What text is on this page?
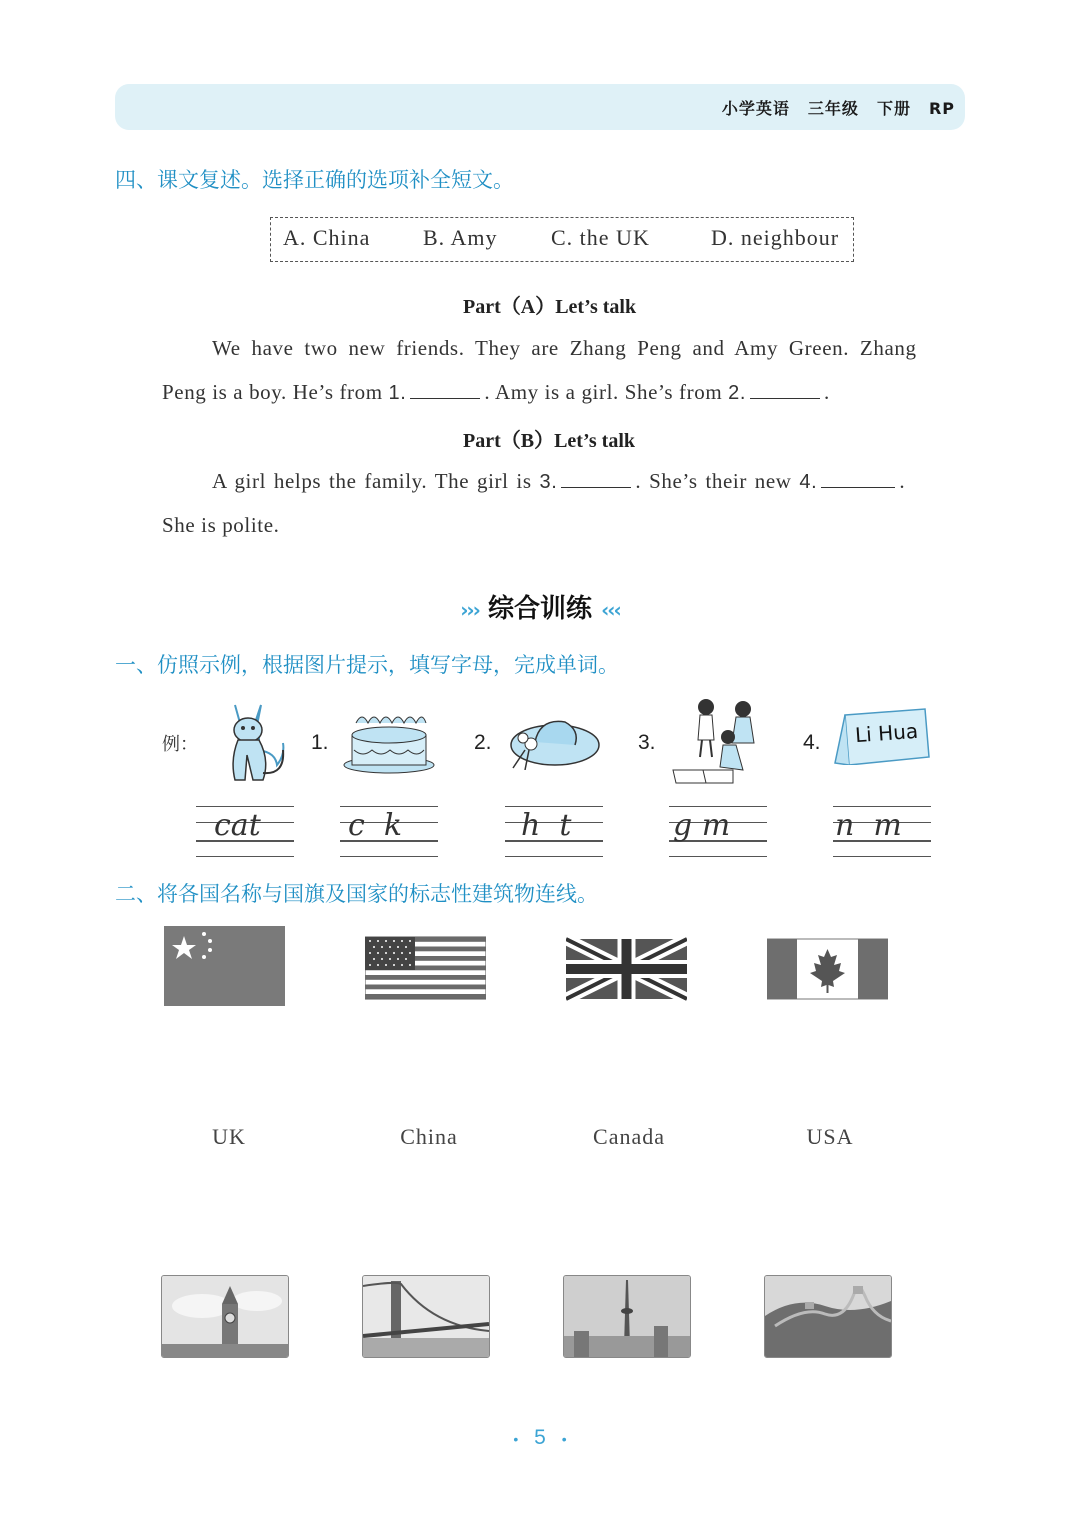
小学英语 三年级 下册 RP
四、课文复述。选择正确的选项补全短文。
A. China B. Amy C. the UK	D. neighbour
Part（A）Let’s talk
We have two new friends. They are Zhang Peng and Amy Green. Zhang
Peng is a boy. He’s from 1.	. Amy is a girl. She’s from 2.	.
Part（B）Let’s talk
A girl helps the family. The girl is 3.	. She’s their new 4.	.
She is polite.
››› 综合训练 ‹‹‹
一、仿照示例，根据图片提示，填写字母，完成单词。
例：	Li Hua
1.	2.	3.	4.
cat	c  k	h  t	g m	n  m
二、将各国名称与国旗及国家的标志性建筑物连线。
UK	China	Canada	USA
• 5 •
